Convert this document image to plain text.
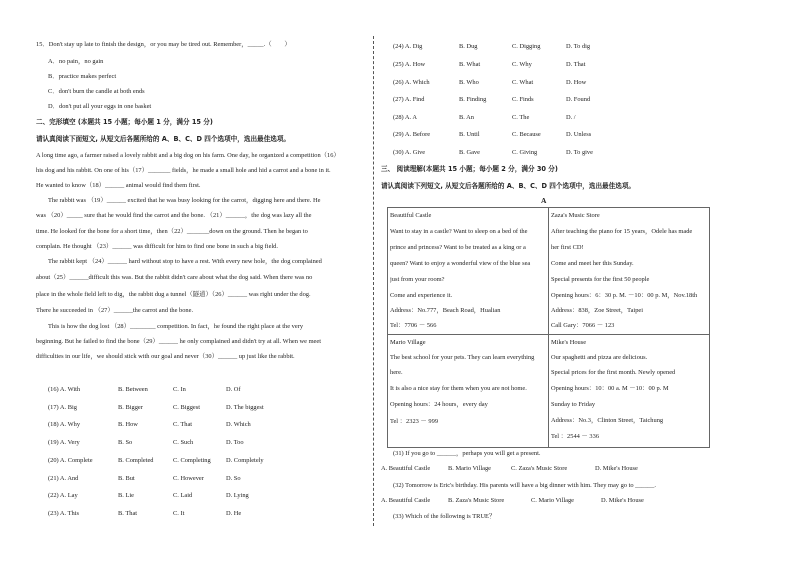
15．Don't stay up late to finish the design，or you may be tired out. Remember，_____.（　　）
A．no pain，no gain
B．practice makes perfect
C．don't burn the candle at both ends
D．don't put all your eggs in one basket
二、完形填空 (本题共 15 小题；每小题 1 分，满分 15 分)
请认真阅读下面短文, 从短文后各题所给的 A、B、C、D 四个选项中，选出最佳选项。
A long time ago, a farmer raised a lovely rabbit and a big dog on his farm. One day, he organized a competition（16）
his dog and his rabbit. On one of his（17）_______ fields，he made a small hole and hid a carrot and a bone in it.
He wanted to know（18）______ animal would find them first.
The rabbit was （19）______ excited that he was busy looking for the carrot，digging here and there. He
was （20）_____ sure that he would find the carrot and the bone. （21）______，the dog was lazy all the
time. He looked for the bone for a short time，then（22）_______down on the ground. Then he began to
complain. He thought （23）______ was difficult for him to find one bone in such a big field.
The rabbit kept （24）______ hard without stop to have a rest. With every new hole，the dog complained
about（25）______difficult this was. But the rabbit didn't care about what the dog said. When there was no
place in the whole field left to dig，the rabbit dug a tunnel（隧道）（26）______ was right under the dog.
There he succeeded in （27）______the carrot and the bone.
This is how the dog lost （28）________ competition. In fact，he found the right place at the very
beginning. But he failed to find the bone（29）______ he only complained and didn't try at all. When we meet
difficulties in our life，we should stick with our goal and never（30）______ up just like the rabbit.
(16) A. With	B. Between	C. In	D. Of
(17) A. Big	B. Bigger	C. Biggest	D. The biggest
(18) A. Why	B. How	C. That	D. Which
(19) A. Very	B. So	C. Such	D. Too
(20) A. Complete	B. Completed	C. Completing D. Completely
(21) A. And	B. But	C. However	D. So
(22) A. Lay	B. Lie	C. Laid	D. Lying
(23) A. This	B. That	C. It	D. He
(24) A. Dig	B. Dug	C. Digging	D. To dig
(25) A. How	B. What	C. Why	D. That
(26) A. Which	B. Who	C. What	D. How
(27) A. Find	B. Finding	C. Finds	D. Found
(28) A. A	B. An	C. The	D. /
(29) A. Before	B. Until	C. Because	D. Unless
(30) A. Give	B. Gave	C. Giving	D. To give
三、 阅读理解(本题共 15 小题；每小题 2 分，满分 30 分)
请认真阅读下列短文, 从短文后各题所给的 A、B、C、D 四个选项中，选出最佳选项。
A
Beautiful Castle
Want to stay in a castle? Want to sleep on a bed of the
prince and princess? Want to be treated as a king or a
queen? Want to enjoy a wonderful view of the blue sea
just from your room?
Come and experience it.
Address：No.777，Beach Road，Hualian
Tel：7706 － 566
Zaza's Music Store
After teaching the piano for 15 years，Odele has made
her first CD!
Come and meet her this Sunday.
Special presents for the first 50 people
Opening hours：6：30 p. M. －10：00 p. M，Nov.18th
Address：838，Zoe Street，Taipei
Call Gary：7066 － 123
Mario Village
The best school for your pets. They can learn everything
here.
It is also a nice stay for them when you are not home.
Opening hours：24 hours，every day
Tel ：2323 － 999
Mike's House
Our spaghetti and pizza are delicious.
Special prices for the first month. Newly opened
Opening hours：10：00 a. M －10：00 p. M
Sunday to Friday
Address：No.3，Clinton Street，Taichung
Tel ：2544 － 336
(31) If you go to ______，perhaps you will get a present.
A. Beautiful Castle	B. Mario Village	C. Zaza's Music Store	D. Mike's House
(32) Tomorrow is Eric's birthday. His parents will have a big dinner with him. They may go to ______.
A. Beautiful Castle	B. Zaza's Music Store	C. Mario Village	D. Mike's House
(33) Which of the following is TRUE？
